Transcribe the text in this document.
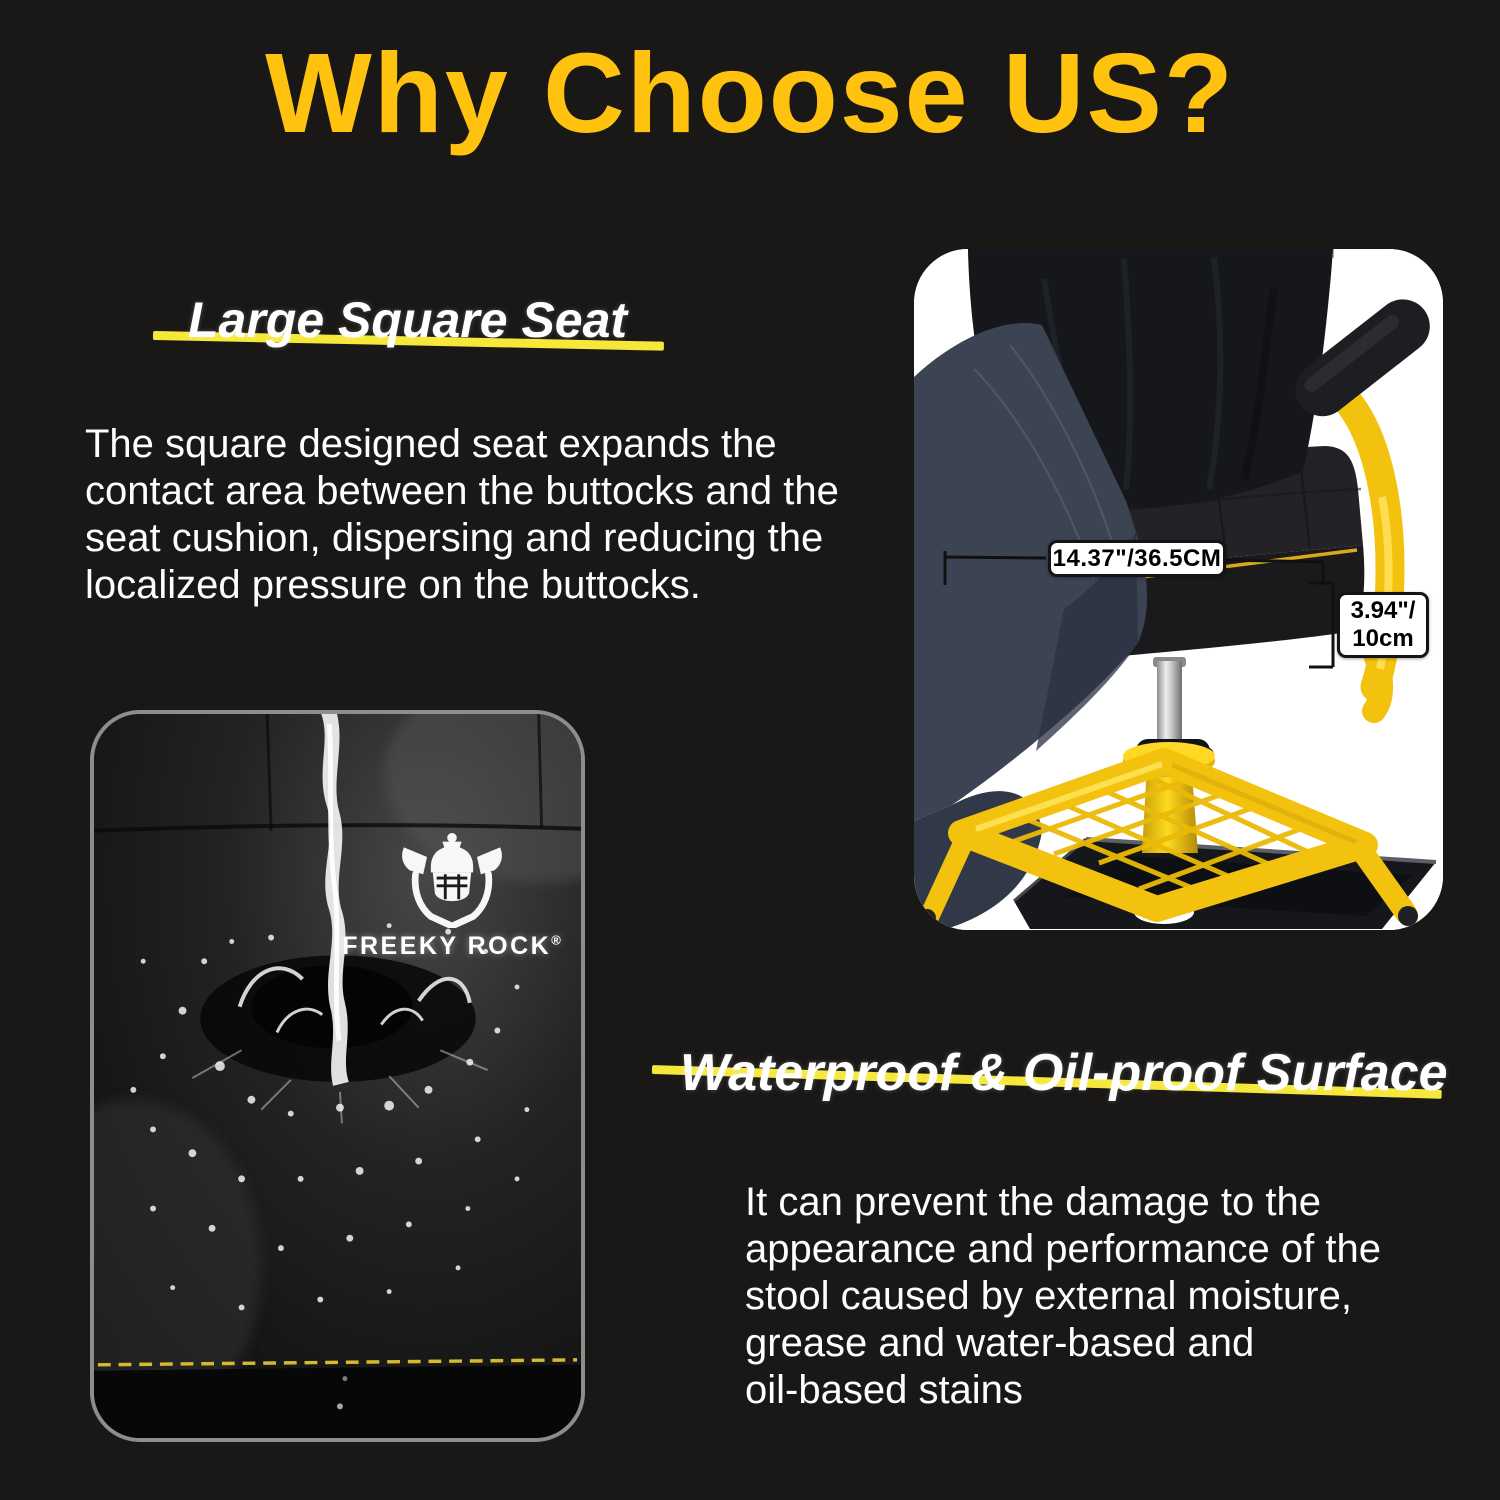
Why Choose US?
Large Square Seat

The square designed seat expands the
contact area between the buttocks and the
seat cushion, dispersing and reducing the
localized pressure on the buttocks.

14.37"/36.5CM
3.94"/
10cm
FREEKY ROCK®
Waterproof & Oil-proof Surface

It can prevent the damage to the
appearance and performance of the
stool caused by external moisture,
grease and water-based and
oil-based stains
